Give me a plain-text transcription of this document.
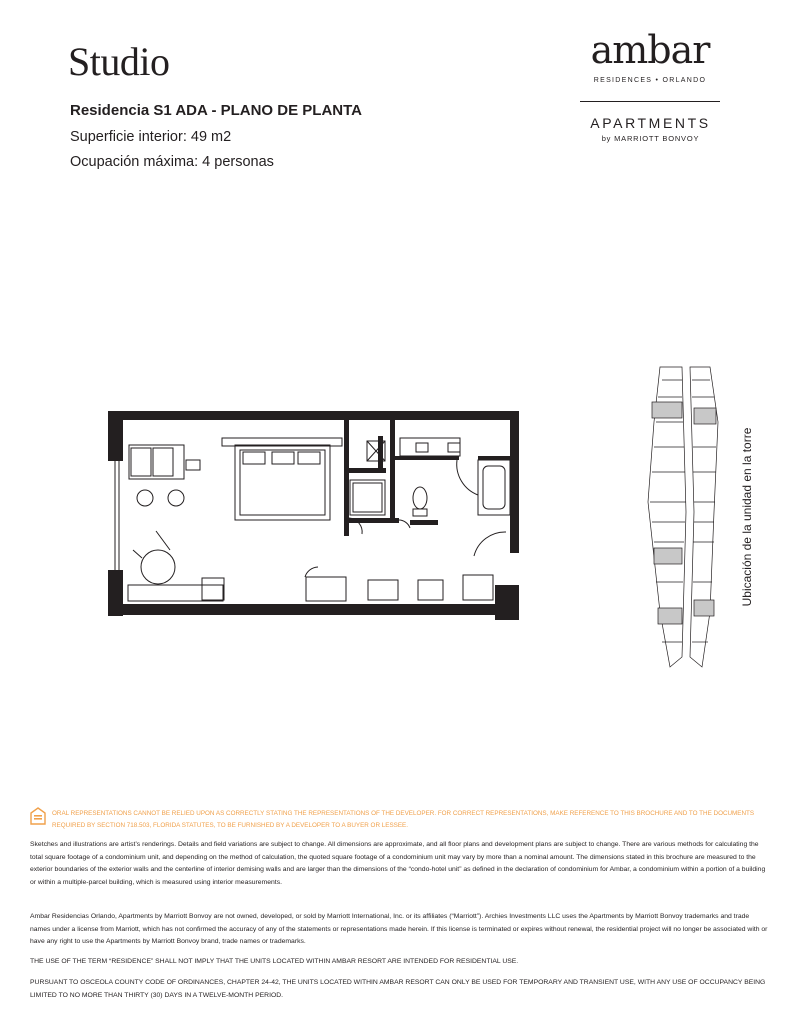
Studio
Residencia S1 ADA - PLANO DE PLANTA
Superficie interior: 49 m2
Ocupación máxima: 4 personas
ambar
RESIDENCES • ORLANDO
APARTMENTS
by MARRIOTT BONVOY
Ubicación de la unidad en la torre
ORAL REPRESENTATIONS CANNOT BE RELIED UPON AS CORRECTLY STATING THE REPRESENTATIONS OF THE DEVELOPER. FOR CORRECT REPRESENTATIONS, MAKE REFERENCE TO THIS BROCHURE AND TO THE DOCUMENTS REQUIRED BY SECTION 718.503, FLORIDA STATUTES, TO BE FURNISHED BY A DEVELOPER TO A BUYER OR LESSEE.
Sketches and illustrations are artist’s renderings. Details and field variations are subject to change. All dimensions are approximate, and all floor plans and development plans are subject to change. There are various methods for calculating the total square footage of a condominium unit, and depending on the method of calculation, the quoted square footage of a condominium unit may vary by more than a nominal amount. The dimensions stated in this brochure are measured to the exterior boundaries of the exterior walls and the centerline of interior demising walls and are larger than the dimensions of the “condo-hotel unit” as defined in the declaration of condominium for Ambar, a condominium within a portion of a building or within a multiple-parcel building, which is measured using interior measurements.
Ambar Residencias Orlando, Apartments by Marriott Bonvoy are not owned, developed, or sold by Marriott International, Inc. or its affiliates (“Marriott”). Archies Investments LLC uses the Apartments by Marriott Bonvoy trademarks and trade names under a license from Marriott, which has not confirmed the accuracy of any of the statements or representations made herein. If this license is terminated or expires without renewal, the residential project will no longer be associated with or have any right to use the Apartments by Marriott Bonvoy brand, trade names or trademarks.
THE USE OF THE TERM “RESIDENCE” SHALL NOT IMPLY THAT THE UNITS LOCATED WITHIN AMBAR RESORT ARE INTENDED FOR RESIDENTIAL USE.
PURSUANT TO OSCEOLA COUNTY CODE OF ORDINANCES, CHAPTER 24-42, THE UNITS LOCATED WITHIN AMBAR RESORT CAN ONLY BE USED FOR TEMPORARY AND TRANSIENT USE, WITH ANY USE OF OCCUPANCY BEING LIMITED TO NO MORE THAN THIRTY (30) DAYS IN A TWELVE-MONTH PERIOD.
